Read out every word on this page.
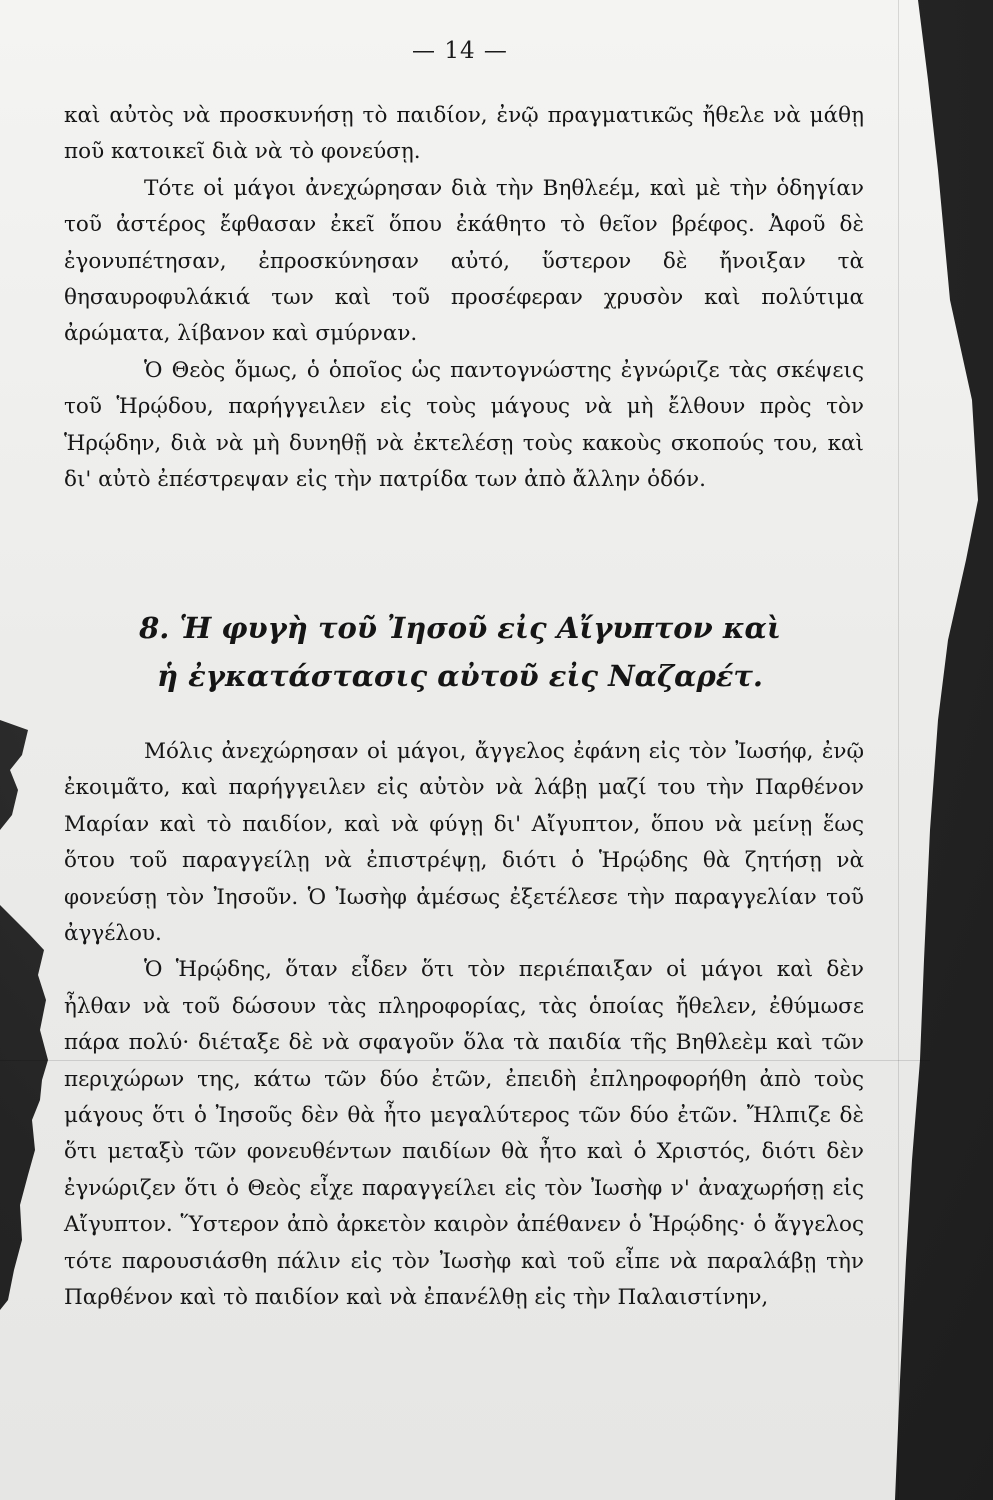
— 14 —

καὶ αὐτὸς νὰ προσκυνήσῃ τὸ παιδίον, ἐνῷ πραγματικῶς ἤθελε νὰ μάθῃ ποῦ κατοικεῖ διὰ νὰ τὸ φονεύσῃ.

Τότε οἱ μάγοι ἀνεχώρησαν διὰ τὴν Βηθλεέμ, καὶ μὲ τὴν ὁδηγίαν τοῦ ἀστέρος ἔφθασαν ἐκεῖ ὅπου ἐκάθητο τὸ θεῖον βρέφος. Ἀφοῦ δὲ ἐγονυπέτησαν, ἐπροσκύνησαν αὐτό, ὕστερον δὲ ἤνοιξαν τὰ θησαυροφυλάκιά των καὶ τοῦ προσέφεραν χρυσὸν καὶ πολύτιμα ἀρώματα, λίβανον καὶ σμύρναν.

Ὁ Θεὸς ὅμως, ὁ ὁποῖος ὡς παντογνώστης ἐγνώριζε τὰς σκέψεις τοῦ Ἡρῴδου, παρήγγειλεν εἰς τοὺς μάγους νὰ μὴ ἔλθουν πρὸς τὸν Ἡρῴδην, διὰ νὰ μὴ δυνηθῇ νὰ ἐκτελέσῃ τοὺς κακοὺς σκοπούς του, καὶ δι' αὐτὸ ἐπέστρεψαν εἰς τὴν πατρίδα των ἀπὸ ἄλλην ὁδόν.

8. Ἡ φυγὴ τοῦ Ἰησοῦ εἰς Αἴγυπτον καὶ
ἡ ἐγκατάστασις αὐτοῦ εἰς Ναζαρέτ.

Μόλις ἀνεχώρησαν οἱ μάγοι, ἄγγελος ἐφάνη εἰς τὸν Ἰωσήφ, ἐνῷ ἐκοιμᾶτο, καὶ παρήγγειλεν εἰς αὐτὸν νὰ λάβῃ μαζί του τὴν Παρθένον Μαρίαν καὶ τὸ παιδίον, καὶ νὰ φύγῃ δι' Αἴγυπτον, ὅπου νὰ μείνῃ ἕως ὅτου τοῦ παραγγείλῃ νὰ ἐπιστρέψῃ, διότι ὁ Ἡρῴδης θὰ ζητήσῃ νὰ φονεύσῃ τὸν Ἰησοῦν. Ὁ Ἰωσὴφ ἀμέσως ἐξετέλεσε τὴν παραγγελίαν τοῦ ἀγγέλου.

Ὁ Ἡρῴδης, ὅταν εἶδεν ὅτι τὸν περιέπαιξαν οἱ μάγοι καὶ δὲν ἦλθαν νὰ τοῦ δώσουν τὰς πληροφορίας, τὰς ὁποίας ἤθελεν, ἐθύμωσε πάρα πολύ· διέταξε δὲ νὰ σφαγοῦν ὅλα τὰ παιδία τῆς Βηθλεὲμ καὶ τῶν περιχώρων της, κάτω τῶν δύο ἐτῶν, ἐπειδὴ ἐπληροφορήθη ἀπὸ τοὺς μάγους ὅτι ὁ Ἰησοῦς δὲν θὰ ἦτο μεγαλύτερος τῶν δύο ἐτῶν. Ἤλπιζε δὲ ὅτι μεταξὺ τῶν φονευθέντων παιδίων θὰ ἦτο καὶ ὁ Χριστός, διότι δὲν ἐγνώριζεν ὅτι ὁ Θεὸς εἶχε παραγγείλει εἰς τὸν Ἰωσὴφ ν' ἀναχωρήσῃ εἰς Αἴγυπτον. Ὕστερον ἀπὸ ἀρκετὸν καιρὸν ἀπέθανεν ὁ Ἡρῴδης· ὁ ἄγγελος τότε παρουσιάσθη πάλιν εἰς τὸν Ἰωσὴφ καὶ τοῦ εἶπε νὰ παραλάβῃ τὴν Παρθένον καὶ τὸ παιδίον καὶ νὰ ἐπανέλθῃ εἰς τὴν Παλαιστίνην,
